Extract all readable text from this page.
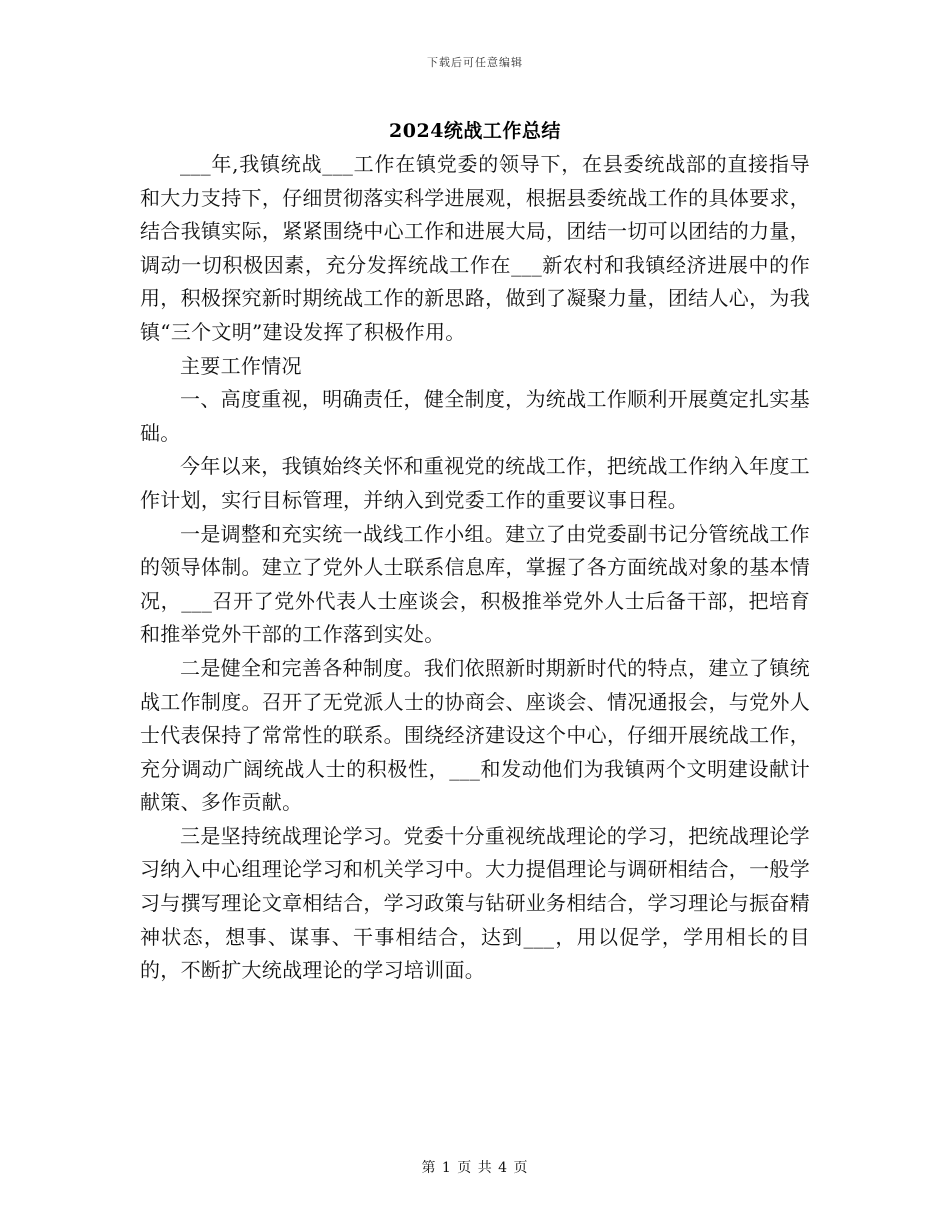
下载后可任意编辑
2024统战工作总结

___年,我镇统战___工作在镇党委的领导下，在县委统战部的直接指导和大力支持下，仔细贯彻落实科学进展观，根据县委统战工作的具体要求，结合我镇实际，紧紧围绕中心工作和进展大局，团结一切可以团结的力量，调动一切积极因素，充分发挥统战工作在___新农村和我镇经济进展中的作用，积极探究新时期统战工作的新思路，做到了凝聚力量，团结人心，为我镇“三个文明”建设发挥了积极作用。

主要工作情况

一、高度重视，明确责任，健全制度，为统战工作顺利开展奠定扎实基础。

今年以来，我镇始终关怀和重视党的统战工作，把统战工作纳入年度工作计划，实行目标管理，并纳入到党委工作的重要议事日程。

一是调整和充实统一战线工作小组。建立了由党委副书记分管统战工作的领导体制。建立了党外人士联系信息库，掌握了各方面统战对象的基本情况，___召开了党外代表人士座谈会，积极推举党外人士后备干部，把培育和推举党外干部的工作落到实处。

二是健全和完善各种制度。我们依照新时期新时代的特点，建立了镇统战工作制度。召开了无党派人士的协商会、座谈会、情况通报会，与党外人士代表保持了常常性的联系。围绕经济建设这个中心，仔细开展统战工作，充分调动广阔统战人士的积极性，___和发动他们为我镇两个文明建设献计献策、多作贡献。

三是坚持统战理论学习。党委十分重视统战理论的学习，把统战理论学习纳入中心组理论学习和机关学习中。大力提倡理论与调研相结合，一般学习与撰写理论文章相结合，学习政策与钻研业务相结合，学习理论与振奋精神状态，想事、谋事、干事相结合，达到___，用以促学，学用相长的目的，不断扩大统战理论的学习培训面。

第 1 页 共 4 页
